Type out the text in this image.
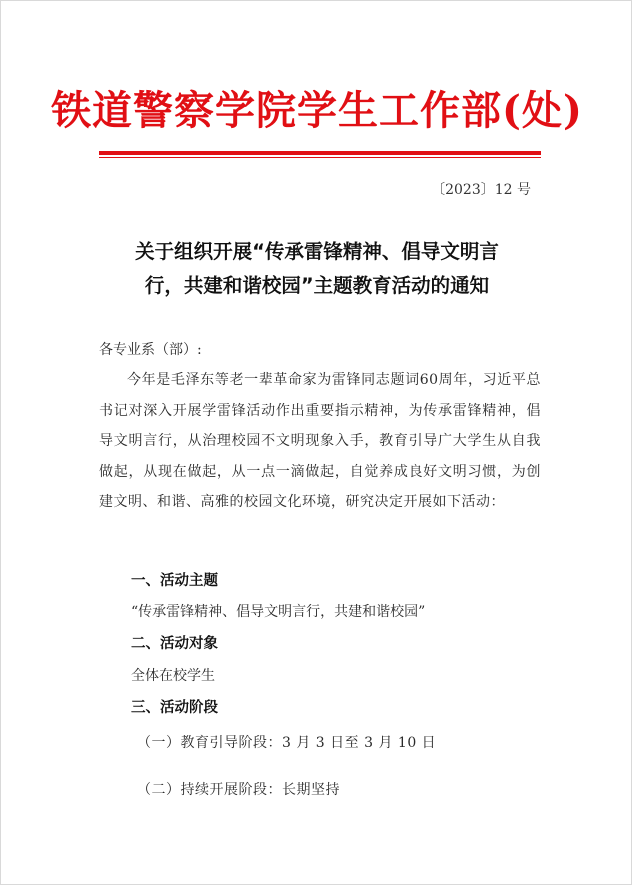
铁道警察学院学生工作部(处)
〔2023〕12 号
关于组织开展“传承雷锋精神、倡导文明言
行，共建和谐校园”主题教育活动的通知
各专业系（部）:
今年是毛泽东等老一辈革命家为雷锋同志题词60周年，习近平总书记对深入开展学雷锋活动作出重要指示精神，为传承雷锋精神，倡导文明言行，从治理校园不文明现象入手，教育引导广大学生从自我做起，从现在做起，从一点一滴做起，自觉养成良好文明习惯，为创建文明、和谐、高雅的校园文化环境，研究决定开展如下活动：
一、活动主题
“传承雷锋精神、倡导文明言行，共建和谐校园”
二、活动对象
全体在校学生
三、活动阶段
（一）教育引导阶段：3 月 3 日至 3 月 10 日
（二）持续开展阶段：长期坚持
